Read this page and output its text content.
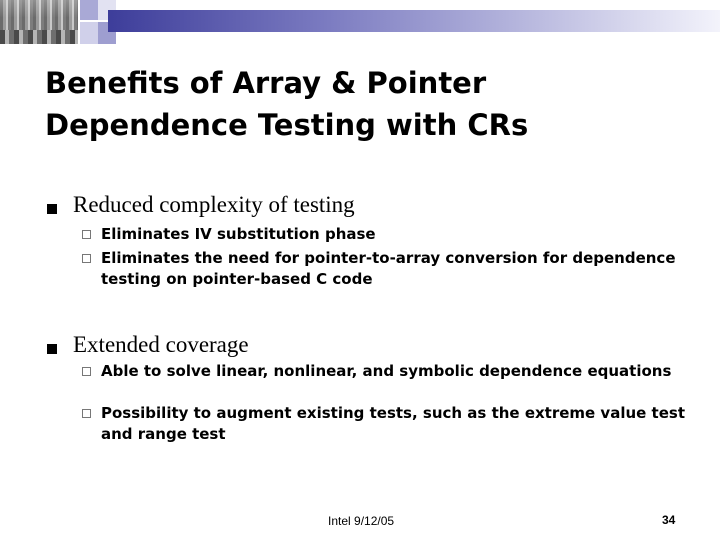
Benefits of Array & Pointer
Dependence Testing with CRs
Reduced complexity of testing
Eliminates IV substitution phase
Eliminates the need for pointer-to-array conversion for dependence testing on pointer-based C code
Extended coverage
Able to solve linear, nonlinear, and symbolic dependence equations
Possibility to augment existing tests, such as the extreme value test and range test
Intel 9/12/05	34
